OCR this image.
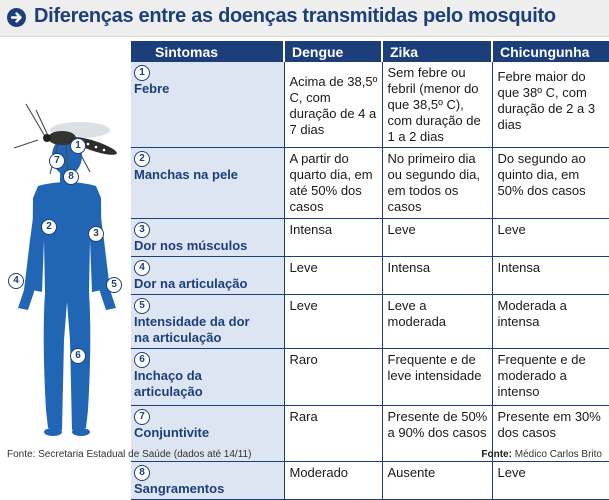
Diferenças entre as doenças transmitidas pelo mosquito
1
7
8
2
3
4	5
6
Sintomas	Dengue	Zika	Chicungunha
1Febre	Acima de 38,5º C, com duração de 4 a 7 dias	Sem febre ou febril (menor do que 38,5º C), com duração de 1 a 2 dias	Febre maior do que 38º C, com duração de 2 a 3 dias
2Manchas na pele	A partir do quarto dia, em até 50% dos casos	No primeiro dia ou segundo dia, em todos os casos	Do segundo ao quinto dia, em 50% dos casos
3Dor nos músculos	Intensa	Leve	Leve
4Dor na articulação	Leve	Intensa	Intensa
5Intensidade da dor na articulação	Leve	Leve a moderada	Moderada a intensa
6Inchaço da articulação	Raro	Frequente e de leve intensidade	Frequente e de moderado a intenso
7Conjuntivite	Rara	Presente de 50% a 90% dos casos	Presente em 30% dos casos
8Sangramentos	Moderado	Ausente	Leve
Fonte: Secretaria Estadual de Saúde (dados até 14/11)	Fonte: Médico Carlos Brito
